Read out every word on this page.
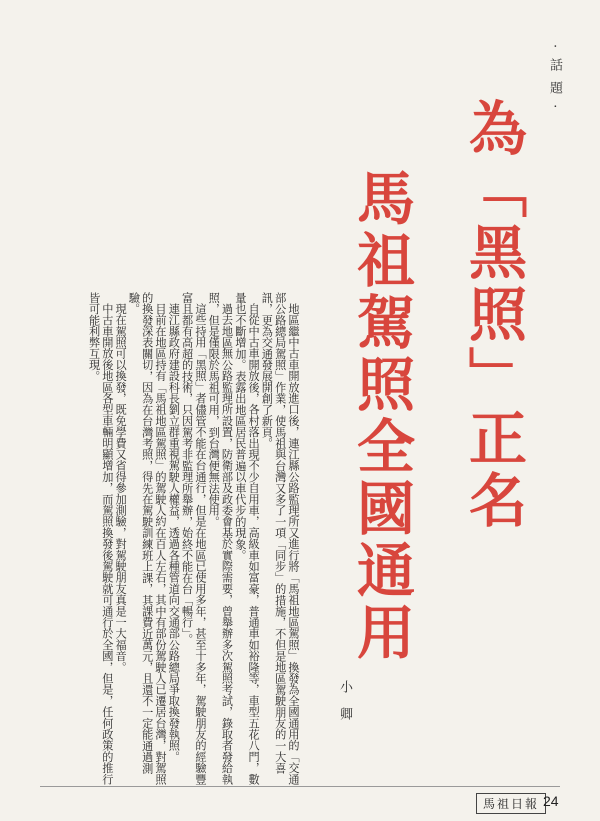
·話題·
為「黑照」正名
馬祖駕照全國通用
小卿

地區繼中古車開放進口後，連江縣公路監理所又進行將「馬祖地區駕照」換發為全國通用的「交通部公路總局駕照」作業，使馬祖與台灣又多了一項「同步」的措施，不但是地區駕駛朋友的一大喜訊，更為交通發展開創了新頁。

自從中古車開放後，各村落出現不少自用車，高級車如富豪，普通車如裕隆等，車型五花八門，數量也不斷增加。表露出地區居民普遍以車代步的現象。

過去地區無公路監理所設置，防衛部及政委會基於實際需要，曾舉辦多次駕照考試，錄取者發給執照，但是僅限於馬祖可用，到台灣便無法使用。

這些持用「黑照」者儘管不能在台通行，但是在地區已使用多年，甚至十多年，駕駛朋友的經驗豐富且都有高超的技術，只因駕考非監理所舉辦，始終不能在台「暢行」。

連江縣政府建設科長劉立群重視駕駛人權益，透過各種管道向交通部公路總局爭取換發執照。

目前在地區持有「馬祖地區駕照」的駕駛人約在百人左右，其中有部份駕駛人已遷居台灣，對駕照的換發深表關切，因為在台灣考照，得先在駕駛訓練班上課，其課費近萬元，且還不一定能通過測驗。

現在駕照可以換發，既免學費又省得參加測驗，對駕駛朋友真是一大福音。

中古車開放後地區各型車輛明顯增加，而駕照換發後駕駛就可通行於全國，但是，任何政策的推行皆可能利弊互現。

馬祖日報 24
